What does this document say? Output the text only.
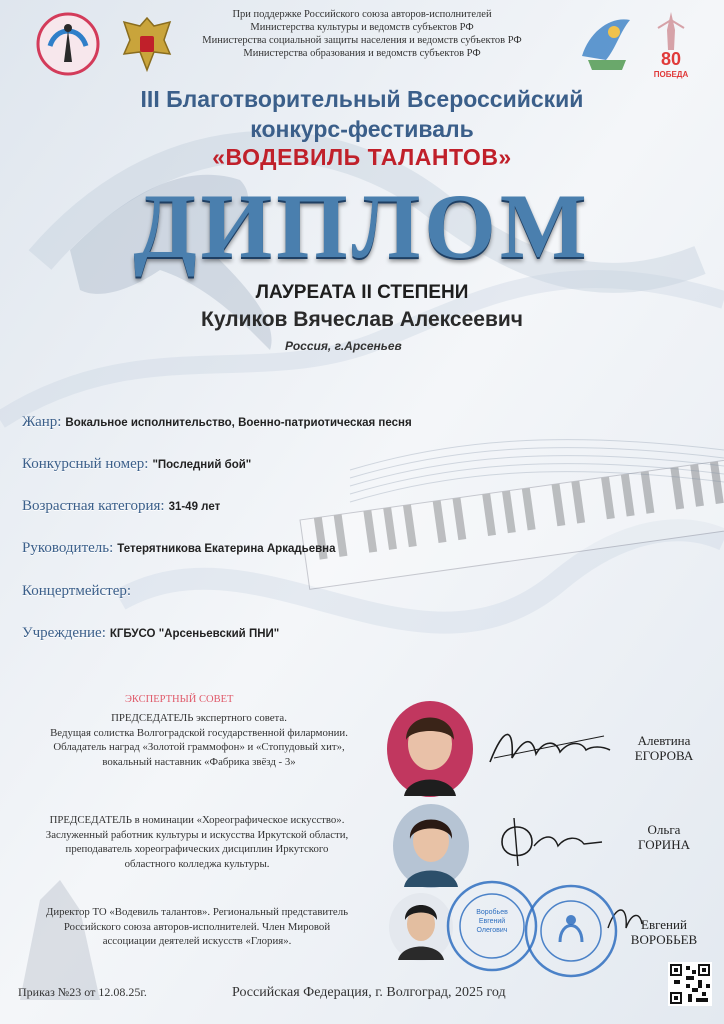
80
ПОБЕДА
При поддержке Российского союза авторов-исполнителей
Министерства культуры и ведомств субъектов РФ
Министерства социальной защиты населения и ведомств субъектов РФ
Министерства образования и ведомств субъектов РФ
III Благотворительный Всероссийский
конкурс-фестиваль
«ВОДЕВИЛЬ ТАЛАНТОВ»
ДИПЛОМ
ЛАУРЕАТА II СТЕПЕНИ
Куликов Вячеслав Алексеевич
Россия, г.Арсеньев
Жанр: Вокальное исполнительство, Военно-патриотическая песня
Конкурсный номер: "Последний бой"
Возрастная категория: 31-49 лет
Руководитель: Тетерятникова Екатерина Аркадьевна
Концертмейстер:
Учреждение: КГБУСО "Арсеньевский ПНИ"
ЭКСПЕРТНЫЙ СОВЕТ
ПРЕДСЕДАТЕЛЬ экспертного совета.
Ведущая солистка Волгоградской государственной филармонии.
Обладатель наград «Золотой граммофон» и «Стопудовый хит»,
вокальный наставник «Фабрика звёзд - 3»
ПРЕДСЕДАТЕЛЬ в номинации «Хореографическое искусство».
Заслуженный работник культуры и искусства Иркутской области,
преподаватель хореографических дисциплин Иркутского
областного колледжа культуры.
Директор ТО «Водевиль талантов». Региональный представитель
Российского союза авторов-исполнителей. Член Мировой
ассоциации деятелей искусств «Глория».
Воробьев
Евгений
Олегович
Алевтина
ЕГОРОВА
Ольга
ГОРИНА
Евгений
ВОРОБЬЕВ
Приказ №23 от 12.08.25г.	Российская Федерация, г. Волгоград, 2025 год
